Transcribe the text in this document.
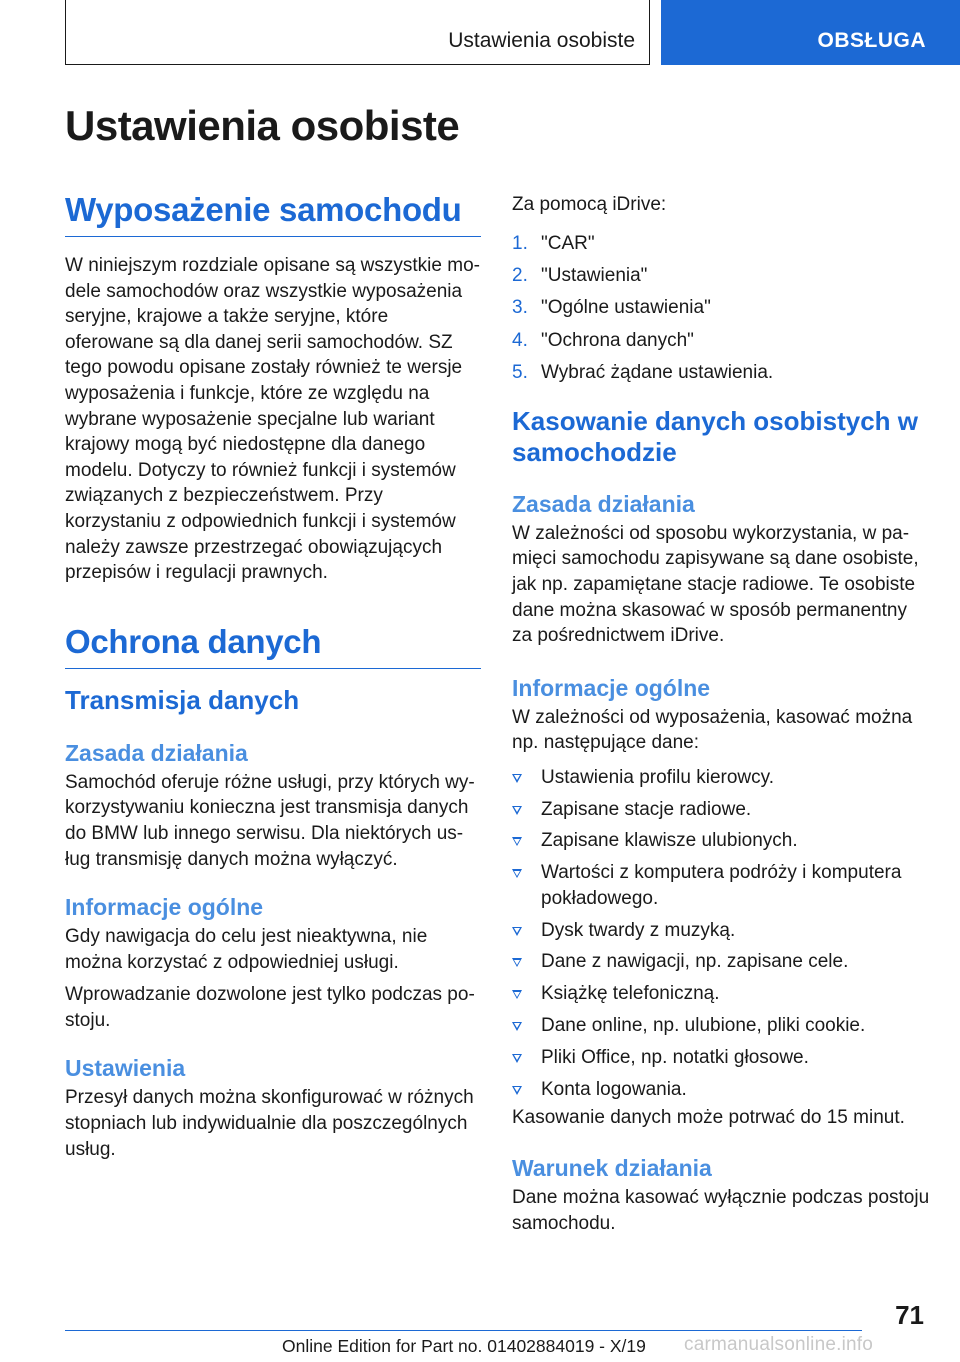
Ustawienia osobiste	OBSŁUGA
Ustawienia osobiste
Wyposażenie samochodu

W niniejszym rozdziale opisane są wszystkie modele samochodów oraz wszystkie wyposażenia seryjne, krajowe a także seryjne, które oferowane są dla danej serii samochodów. SZ tego powodu opisane zostały również te wersje wyposażenia i funkcje, które ze względu na wybrane wyposażenie specjalne lub wariant krajowy mogą być niedostępne dla danego modelu. Dotyczy to również funkcji i systemów związanych z bezpieczeństwem. Przy korzystaniu z odpowiednich funkcji i systemów należy zawsze przestrzegać obowiązujących przepisów i regulacji prawnych.

Ochrona danych
Transmisja danych
Zasada działania

Samochód oferuje różne usługi, przy których wykorzystywaniu konieczna jest transmisja danych do BMW lub innego serwisu. Dla niektórych usług transmisję danych można wyłączyć.

Informacje ogólne

Gdy nawigacja do celu jest nieaktywna, nie można korzystać z odpowiedniej usługi.

Wprowadzanie dozwolone jest tylko podczas postoju.

Ustawienia

Przesył danych można skonfigurować w różnych stopniach lub indywidualnie dla poszczególnych usług.

Za pomocą iDrive:

1. "CAR"
2. "Ustawienia"
3. "Ogólne ustawienia"
4. "Ochrona danych"
5. Wybrać żądane ustawienia.
Kasowanie danych osobistych w samochodzie
Zasada działania

W zależności od sposobu wykorzystania, w pamięci samochodu zapisywane są dane osobiste, jak np. zapamiętane stacje radiowe. Te osobiste dane można skasować w sposób permanentny za pośrednictwem iDrive.

Informacje ogólne

W zależności od wyposażenia, kasować można np. następujące dane:

Ustawienia profilu kierowcy.
Zapisane stacje radiowe.
Zapisane klawisze ulubionych.
Wartości z komputera podróży i komputera pokładowego.
Dysk twardy z muzyką.
Dane z nawigacji, np. zapisane cele.
Książkę telefoniczną.
Dane online, np. ulubione, pliki cookie.
Pliki Office, np. notatki głosowe.
Konta logowania.

Kasowanie danych może potrwać do 15 minut.

Warunek działania

Dane można kasować wyłącznie podczas postoju samochodu.

71
Online Edition for Part no. 01402884019 - X/19 carmanualsonline.info
